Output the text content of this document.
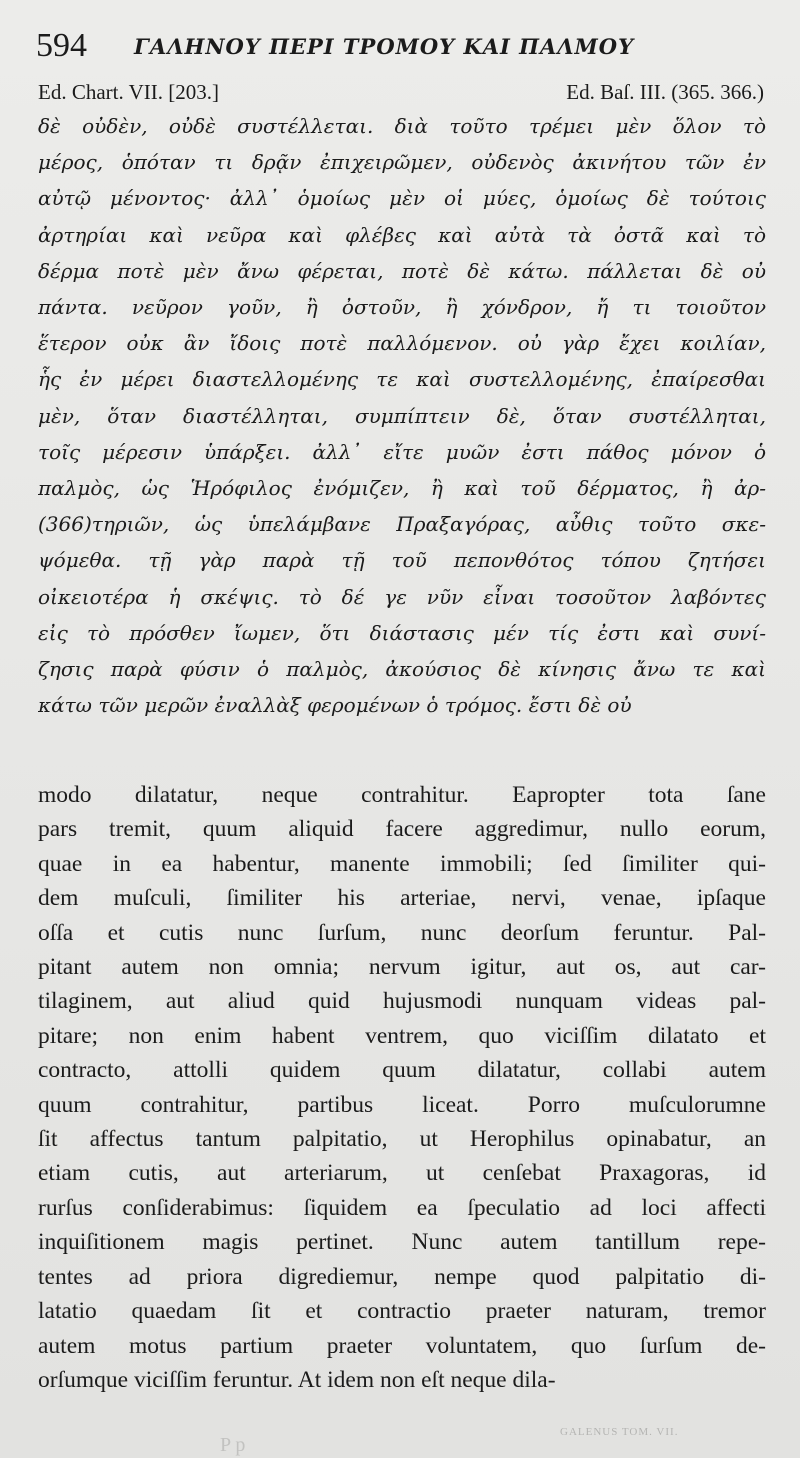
594 ΓΑΛΗΝΟΥ ΠΕΡΙ ΤΡΟΜΟΥ ΚΑΙ ΠΑΛΜΟΥ
Ed. Chart. VII. [203.]	Ed. Baſ. III. (365. 366.)
δὲ οὐδὲν, οὐδὲ συστέλλεται. διὰ τοῦτο τρέμει μὲν ὅλον τὸ
μέρος, ὁπόταν τι δρᾷν ἐπιχειρῶμεν, οὐδενὸς ἀκινήτου τῶν ἐν
αὐτῷ μένοντος· ἀλλ᾽ ὁμοίως μὲν οἱ μύες, ὁμοίως δὲ τούτοις
ἀρτηρίαι καὶ νεῦρα καὶ φλέβες καὶ αὐτὰ τὰ ὀστᾶ καὶ τὸ
δέρμα ποτὲ μὲν ἄνω φέρεται, ποτὲ δὲ κάτω. πάλλεται δὲ οὐ
πάντα. νεῦρον γοῦν, ἢ ὀστοῦν, ἢ χόνδρον, ἤ τι τοιοῦτον
ἕτερον οὐκ ἂν ἴδοις ποτὲ παλλόμενον. οὐ γὰρ ἔχει κοιλίαν,
ἧς ἐν μέρει διαστελλομένης τε καὶ συστελλομένης, ἐπαίρεσθαι
μὲν, ὅταν διαστέλληται, συμπίπτειν δὲ, ὅταν συστέλληται,
τοῖς μέρεσιν ὑπάρξει. ἀλλ᾽ εἴτε μυῶν ἐστι πάθος μόνον ὁ
παλμὸς, ὡς Ἡρόφιλος ἐνόμιζεν, ἢ καὶ τοῦ δέρματος, ἢ ἀρ-
(366)τηριῶν, ὡς ὑπελάμβανε Πραξαγόρας, αὖθις τοῦτο σκε-
ψόμεθα. τῇ γὰρ παρὰ τῇ τοῦ πεπονθότος τόπου ζητήσει
οἰκειοτέρα ἡ σκέψις. τὸ δέ γε νῦν εἶναι τοσοῦτον λαβόντες
εἰς τὸ πρόσθεν ἴωμεν, ὅτι διάστασις μέν τίς ἐστι καὶ συνί-
ζησις παρὰ φύσιν ὁ παλμὸς, ἀκούσιος δὲ κίνησις ἄνω τε καὶ
κάτω τῶν μερῶν ἐναλλὰξ φερομένων ὁ τρόμος. ἔστι δὲ οὐ
modo dilatatur, neque contrahitur. Eapropter tota ſane
pars tremit, quum aliquid facere aggredimur, nullo eorum,
quae in ea habentur, manente immobili; ſed ſimiliter qui-
dem muſculi, ſimiliter his arteriae, nervi, venae, ipſaque
oſſa et cutis nunc ſurſum, nunc deorſum feruntur. Pal-
pitant autem non omnia; nervum igitur, aut os, aut car-
tilaginem, aut aliud quid hujusmodi nunquam videas pal-
pitare; non enim habent ventrem, quo viciſſim dilatato et
contracto, attolli quidem quum dilatatur, collabi autem
quum contrahitur, partibus liceat. Porro muſculorumne
ſit affectus tantum palpitatio, ut Herophilus opinabatur, an
etiam cutis, aut arteriarum, ut cenſebat Praxagoras, id
rurſus conſiderabimus: ſiquidem ea ſpeculatio ad loci affecti
inquiſitionem magis pertinet. Nunc autem tantillum repe-
tentes ad priora digrediemur, nempe quod palpitatio di-
latatio quaedam ſit et contractio praeter naturam, tremor
autem motus partium praeter voluntatem, quo ſurſum de-
orſumque viciſſim feruntur. At idem non eſt neque dila-
GALENUS TOM. VII.
P p
